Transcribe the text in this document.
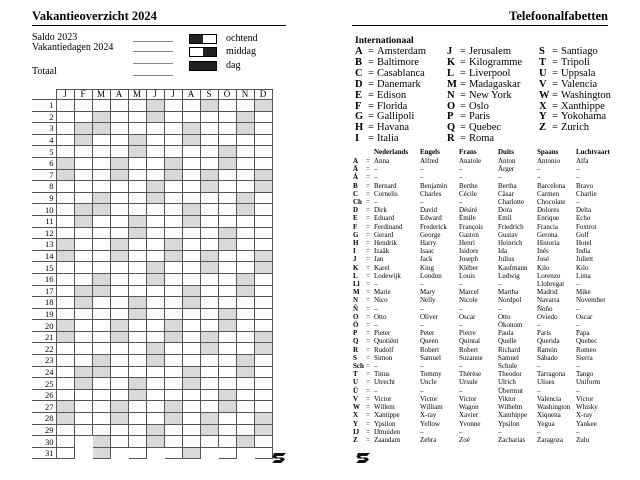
Vakantieoverzicht 2024
Saldo 2023
Vakantiedagen 2024
Totaal
ochtend
middag
dag
	J	F	M	A	M	J	J	A	S	O	N	D
1												
2												
3												
4												
5												
6												
7												
8												
9												
10												
11												
12												
13												
14												
15												
16												
17												
18												
19												
20												
21												
22												
23												
24												
25												
26												
27												
28												
29												
30												
31												
Telefoonalfabetten
Internationaal
A = Amsterdam
B = Baltimore
C = Casablanca
D = Danemark
E = Edison
F = Florida
G = Gallipoli
H = Havana
I = Italia
J = Jerusalem
K = Kilogramme
L = Liverpool
M = Madagaskar
N = New York
O = Oslo
P = Paris
Q = Quebec
R = Roma
S = Santiago
T = Tripoli
U = Uppsala
V = Valencia
W = Washington
X = Xanthippe
Y = Yokohama
Z = Zurich
		Nederlands	Engels	Frans	Duits	Spaans	Luchtvaart
A	=	Anna	Alfred	Anatole	Anton	Antonio	Alfa
Ä	=	–	–	–	Ärger	–	–
Á	=	–	–	–	–	–	–
B	=	Bernard	Benjamin	Berthe	Bertha	Barcelona	Bravo
C	=	Cornelis	Charles	Cécile	Cäsar	Carmen	Charlie
Ch	=	–	–	–	Charlotte	Chocolate	–
D	=	Dirk	David	Désiré	Dora	Dolores	Delta
E	=	Eduard	Edward	Émile	Emil	Enrique	Echo
F	=	Ferdinand	Frederick	François	Friedrich	Francia	Foxtrot
G	=	Gerard	George	Gaston	Gustav	Gerona	Golf
H	=	Hendrik	Harry	Henri	Heinrich	Historia	Hotel
I	=	Izaäk	Isaac	Isidore	Ida	Inés	India
J	=	Jan	Jack	Joseph	Julius	José	Juliett
K	=	Karel	King	Kléber	Kaufmann	Kilo	Kilo
L	=	Lodewijk	London	Louis	Ludwig	Lorenzo	Lima
Ll	=	–	–	–	–	Llobregat	–
M	=	Marie	Mary	Marcel	Martha	Madrid	Mike
N	=	Nico	Nelly	Nicole	Nordpol	Navarra	November
Ñ	=	–	–	–	–	Ñoño	–
O	=	Otto	Oliver	Oscar	Otto	Oviedo	Oscar
Ö	=	–	–	–	Ökonom	–	–
P	=	Pieter	Peter	Pierre	Paula	París	Papa
Q	=	Quotiënt	Queen	Quintal	Quelle	Querida	Quebec
R	=	Rudolf	Robert	Robert	Richard	Ramón	Romeo
S	=	Simon	Samuel	Suzanne	Samuel	Sábado	Sierra
Sch	=	–	–	–	Schule	–	–
T	=	Tinus	Tommy	Thérèse	Theodor	Tarragona	Tango
U	=	Utrecht	Uncle	Ursule	Ulrich	Ulises	Uniform
Ü	=	–	–	–	Übermut	–	–
V	=	Victor	Victor	Victor	Viktor	Valencia	Victor
W	=	Willem	William	Wagon	Wilhelm	Washington	Whisky
X	=	Xantippe	X-ray	Xavier	Xanthippe	Xiquena	X-ray
Y	=	Ypsilon	Yellow	Yvonne	Ypsilon	Yegua	Yankee
IJ	=	IJmuiden	–	–	–	–	–
Z	=	Zaandam	Zebra	Zoé	Zacharias	Zaragoza	Zulu
